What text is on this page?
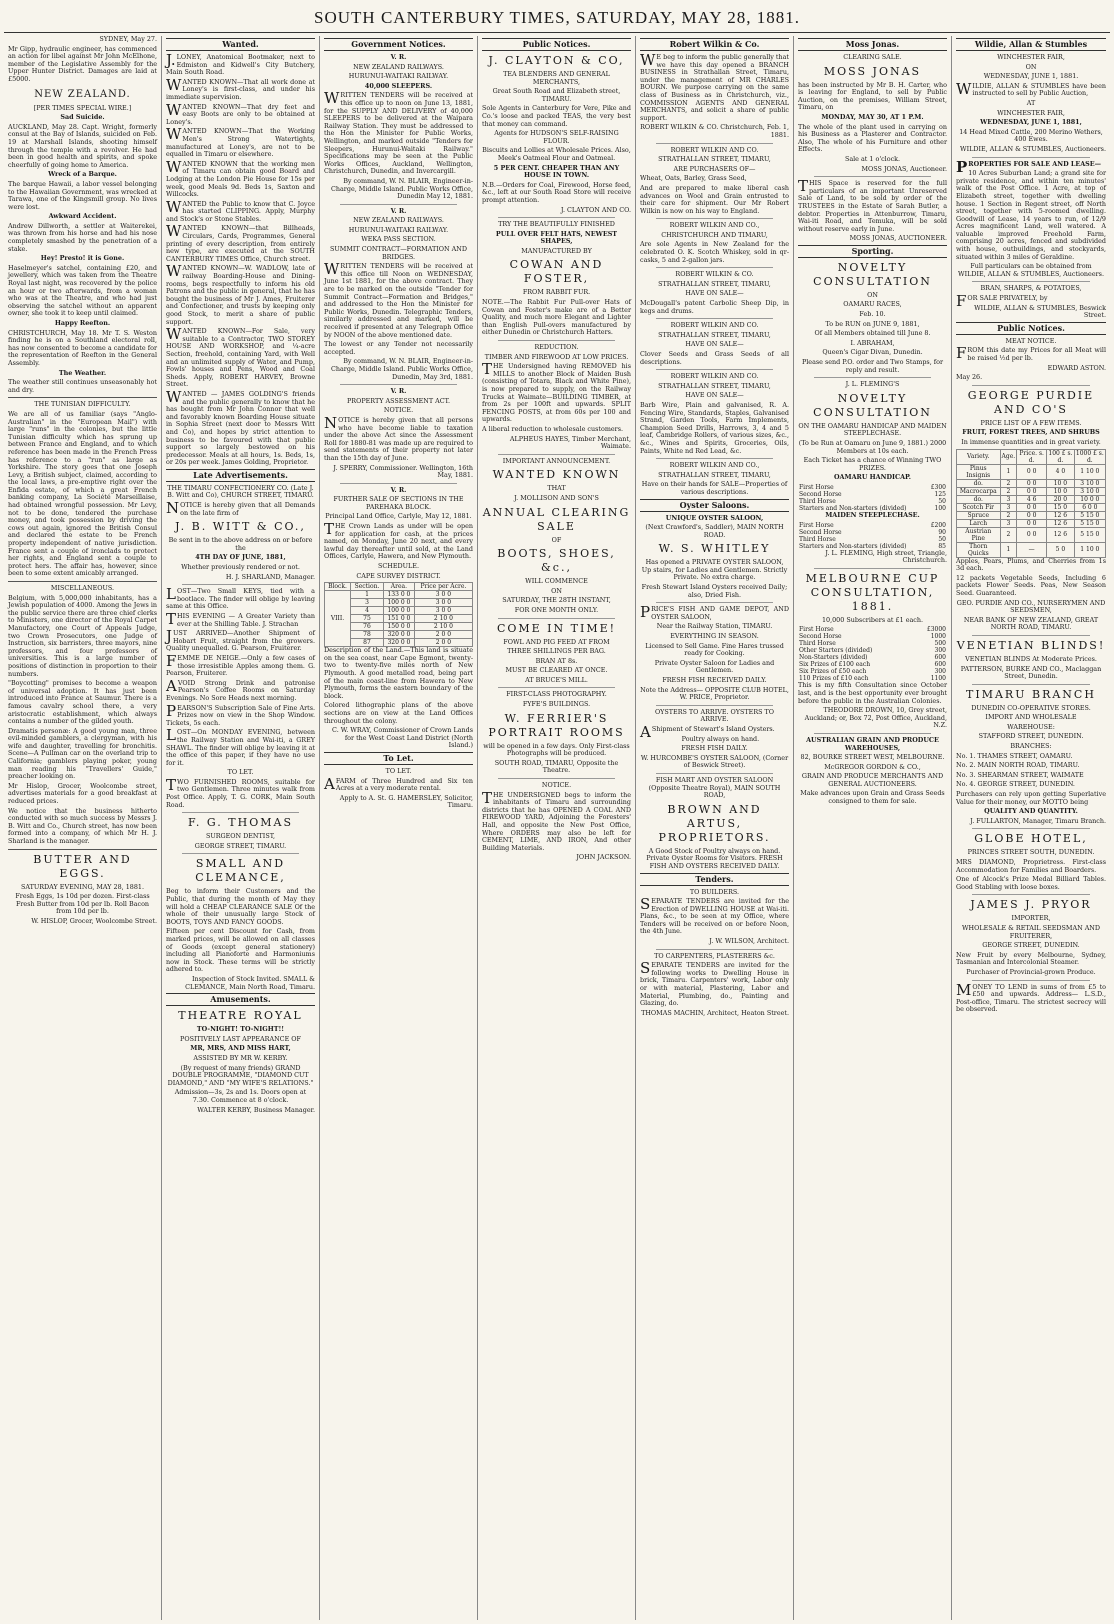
SOUTH CANTERBURY TIMES, SATURDAY, MAY 28, 1881.

SYDNEY, May 27.

Mr Gipp, hydraulic engineer, has commenced an action for libel against Mr John McElhone, member of the Legislative Assembly for the Upper Hunter District. Damages are laid at £5000.

NEW ZEALAND.

[PER TIMES SPECIAL WIRE.]

Sad Suicide.

AUCKLAND, May 28. Capt. Wright, formerly consul at the Bay of Islands, suicided on Feb. 19 at Marshall Islands, shooting himself through the temple with a revolver. He had been in good health and spirits, and spoke cheerfully of going home to America.

Wreck of a Barque.

The barque Hawaii, a labor vessel belonging to the Hawaiian Government, was wrecked at Tarawa, one of the Kingsmill group. No lives were lost.

Awkward Accident.

Andrew Dillworth, a settler at Waiterekei, was thrown from his horse and had his nose completely smashed by the penetration of a stake.

Hey! Presto! it is Gone.

Haselmeyer's satchel, containing £20, and jewellery, which was taken from the Theatre Royal last night, was recovered by the police an hour or two afterwards, from a woman who was at the Theatre, and who had just observing the satchel without an apparent owner, she took it to keep until claimed.

Happy Reefton.

CHRISTCHURCH, May 18. Mr T. S. Weston finding he is on a Southland electoral roll, has now consented to become a candidate for the representation of Reefton in the General Assembly.

The Weather.

The weather still continues unseasonably hot and dry.

THE TUNISIAN DIFFICULTY.

We are all of us familiar (says "Anglo-Australian" in the "European Mail") with large "runs" in the colonies, but the little Tunisian difficulty which has sprung up between France and England, and to which reference has been made in the French Press has reference to a "run" as large as Yorkshire. The story goes that one Joseph Levy, a British subject, claimed, according to the local laws, a pre-emptive right over the Enfida estate, of which a great French banking company, La Société Marseillaise, had obtained wrongful possession. Mr Levy, not to be done, tendered the purchase money, and took possession by driving the cows out again, ignored the British Consul and declared the estate to be French property independent of native jurisdiction. France sent a couple of ironclads to protect her rights, and England sent a couple to protect hers. The affair has, however, since been to some extent amicably arranged.

MISCELLANEOUS.

Belgium, with 5,000,000 inhabitants, has a Jewish population of 4000. Among the Jews in the public service there are three chief clerks to Ministers, one director of the Royal Carpet Manufactory, one Court of Appeals Judge, two Crown Prosecutors, one Judge of Instruction, six barristers, three mayors, nine professors, and four professors of universities. This is a large number of positions of distinction in proportion to their numbers.

"Boycotting" promises to become a weapon of universal adoption. It has just been introduced into France at Saumur. There is a famous cavalry school there, a very aristocratic establishment, which always contains a number of the gilded youth.

Dramatis personæ: A good young man, three evil-minded gamblers, a clergyman, with his wife and daughter, travelling for bronchitis. Scene—A Pullman car on the overland trip to California; gamblers playing poker, young man reading his "Travellers' Guide," preacher looking on.

Mr Hislop, Grocer, Woolcombe street, advertises materials for a good breakfast at reduced prices.

We notice that the business hitherto conducted with so much success by Messrs J. B. Witt and Co., Church street, has now been formed into a company, of which Mr H. J. Sharland is the manager.

BUTTER AND EGGS.

SATURDAY EVENING, MAY 28, 1881.

Fresh Eggs, 1s 10d per dozen. First-class Fresh Butter from 10d per lb. Roll Bacon from 10d per lb.

W. HISLOP, Grocer, Woolcombe Street.

Wanted.

J.LONEY, Anatomical Bootmaker, next to Edmiston and Kidwell's City Butchery, Main South Road.

WANTED KNOWN—That all work done at Loney's is first-class, and under his immediate supervision.

WANTED KNOWN—That dry feet and easy Boots are only to be obtained at Loney's.

WANTED KNOWN—That the Working Men's Strong Watertights, manufactured at Loney's, are not to be equalled in Timaru or elsewhere.

WANTED KNOWN that the working men of Timaru can obtain good Board and Lodging at the London Pie House for 15s per week, good Meals 9d. Beds 1s, Saxton and Willcocks.

WANTED the Public to know that C. Joyce has started CLIPPING. Apply, Murphy and Stock's or Stone Stables.

WANTED KNOWN—that Billheads, Circulars, Cards, Programmes, General printing of every description, from entirely new type, are executed at the SOUTH CANTERBURY TIMES Office, Church street.

WANTED KNOWN—W. WADLOW, late of railway Boarding-House and Dining-rooms, begs respectfully to inform his old Patrons and the public in general, that he has bought the business of Mr J. Ames, Fruiterer and Confectioner, and trusts by keeping only good Stock, to merit a share of public support.

WANTED KNOWN—For Sale, very suitable to a Contractor, TWO STOREY HOUSE AND WORKSHOP, and ¼-acre Section, freehold, containing Yard, with Well and an unlimited supply of Water, and Pump, Fowls' houses and Pens, Wood and Coal Sheds. Apply, ROBERT HARVEY, Browne Street.

WANTED — JAMES GOLDING'S friends and the public generally to know that he has bought from Mr John Connor that well and favorably known Boarding House situate in Sophia Street (next door to Messrs Witt and Co), and hopes by strict attention to business to be favoured with that public support so largely bestowed on his predecessor. Meals at all hours, 1s. Beds, 1s, or 20s per week. James Golding, Proprietor.

Late Advertisements.

THE TIMARU CONFECTIONERY CO. (Late J. B. Witt and Co), CHURCH STREET, TIMARU.

NOTICE is hereby given that all Demands on the late firm of

J. B. WITT & CO.,

Be sent in to the above address on or before the

4TH DAY OF JUNE, 1881,

Whether previously rendered or not.

H. J. SHARLAND, Manager.

LOST—Two Small KEYS, tied with a bootlace. The finder will oblige by leaving same at this Office.

THIS EVENING — A Greater Variety than ever at the Shilling Table. J. Strachan

JUST ARRIVED—Another Shipment of Hobart Fruit, straight from the growers. Quality unequalled. G. Pearson, Fruiterer.

FEMME DE NEIGE.—Only a few cases of those irresistible Apples among them. G. Pearson, Fruiterer.

AVOID Strong Drink and patronise Pearson's Coffee Rooms on Saturday Evenings. No Sore Heads next morning.

PEARSON'S Subscription Sale of Fine Arts. Prizes now on view in the Shop Window. Tickets, 5s each.

LOST—On MONDAY EVENING, between the Railway Station and Wai-iti, a GREY SHAWL. The finder will oblige by leaving it at the office of this paper, if they have no use for it.

TO LET.

TWO FURNISHED ROOMS, suitable for two Gentlemen. Three minutes walk from Post Office. Apply, T. G. CORK, Main South Road.

F. G. THOMAS

SURGEON DENTIST,

GEORGE STREET, TIMARU.

SMALL AND CLEMANCE,

Beg to inform their Customers and the Public, that during the month of May they will hold a CHEAP CLEARANCE SALE Of the whole of their unusually large Stock of BOOTS, TOYS AND FANCY GOODS.

Fifteen per cent Discount for Cash, from marked prices, will be allowed on all classes of Goods (except general stationery) including all Pianoforte and Harmoniums now in Stock. These terms will be strictly adhered to.

Inspection of Stock Invited. SMALL & CLEMANCE, Main North Road, Timaru.

Amusements.
THEATRE ROYAL

TO-NIGHT! TO-NIGHT!!

POSITIVELY LAST APPEARANCE OF

MR, MRS, AND MISS HART,

ASSISTED BY MR W. KERBY.

(By request of many friends) GRAND DOUBLE PROGRAMME, "DIAMOND CUT DIAMOND," AND "MY WIFE'S RELATIONS."

Admission—3s, 2s and 1s. Doors open at 7.30. Commence at 8 o'clock.

WALTER KERBY, Business Manager.

Government Notices.

V. R.

NEW ZEALAND RAILWAYS.

HURUNUI-WAITAKI RAILWAY.

40,000 SLEEPERS.

WRITTEN TENDERS will be received at this office up to noon on June 13, 1881, for the SUPPLY AND DELIVERY of 40,000 SLEEPERS to be delivered at the Waipara Railway Station. They must be addressed to the Hon the Minister for Public Works, Wellington, and marked outside "Tenders for Sleepers, Hurunui-Waitaki Railway." Specifications may be seen at the Public Works Offices, Auckland, Wellington, Christchurch, Dunedin, and Invercargill.

By command, W. N. BLAIR, Engineer-in-Charge, Middle Island. Public Works Office, Dunedin May 12, 1881.

V. R.

NEW ZEALAND RAILWAYS.

HURUNUI-WAITAKI RAILWAY.

WEKA PASS SECTION.

SUMMIT CONTRACT—FORMATION AND BRIDGES.

WRITTEN TENDERS will be received at this office till Noon on WEDNESDAY, June 1st 1881, for the above contract. They are to be marked on the outside "Tender for Summit Contract—Formation and Bridges," and addressed to the Hon the Minister for Public Works, Dunedin. Telegraphic Tenders, similarly addressed and marked, will be received if presented at any Telegraph Office by NOON of the above mentioned date.

The lowest or any Tender not necessarily accepted.

By command, W. N. BLAIR, Engineer-in-Charge, Middle Island. Public Works Office, Dunedin, May 3rd, 1881.

V. R.

PROPERTY ASSESSMENT ACT.

NOTICE.

NOTICE is hereby given that all persons who have become liable to taxation under the above Act since the Assessment Roll for 1880-81 was made up are required to send statements of their property not later than the 15th day of June.

J. SPERRY, Commissioner. Wellington, 16th May, 1881.

V. R.

FURTHER SALE OF SECTIONS IN THE PAREHAKA BLOCK.

Principal Land Office, Carlyle, May 12, 1881.

THE Crown Lands as under will be open for application for cash, at the prices named, on Monday, June 20 next, and every lawful day thereafter until sold, at the Land Offices, Carlyle, Hawera, and New Plymouth.

SCHEDULE.

CAPE SURVEY DISTRICT.

Block.	Section.	Area.	Price per Acre.
VIII.	1	133 0 0	3 0 0
	3	100 0 0	3 0 0
	4	100 0 0	3 0 0
	75	151 0 0	2 10 0
	76	150 0 0	2 10 0
	78	320 0 0	2 0 0
	87	320 0 0	2 0 0

Description of the Land.—This land is situate on the sea coast, near Cape Egmont, twenty-two to twenty-five miles north of New Plymouth. A good metalled road, being part of the main coast-line from Hawera to New Plymouth, forms the eastern boundary of the block.

Colored lithographic plans of the above sections are on view at the Land Offices throughout the colony.

C. W. WRAY, Commissioner of Crown Lands for the West Coast Land District (North Island.)

To Let.

TO LET.

AFARM of Three Hundred and Six ten Acres at a very moderate rental.

Apply to A. St. G. HAMERSLEY, Solicitor, Timaru.

Public Notices.
J. CLAYTON & CO,

TEA BLENDERS AND GENERAL MERCHANTS,

Great South Road and Elizabeth street, TIMARU.

Sole Agents in Canterbury for Vere, Pike and Co.'s loose and packed TEAS, the very best that money can command.

Agents for HUDSON'S SELF-RAISING FLOUR.

Biscuits and Lollies at Wholesale Prices. Also, Meek's Oatmeal Flour and Oatmeal.

5 PER CENT. CHEAPER THAN ANY HOUSE IN TOWN.

N.B.—Orders for Coal, Firewood, Horse feed, &c., left at our South Road Store will receive prompt attention.

J. CLAYTON AND CO.

TRY THE BEAUTIFULLY FINISHED

PULL OVER FELT HATS, NEWEST SHAPES,

MANUFACTURED BY

COWAN AND FOSTER,

FROM RABBIT FUR.

NOTE.—The Rabbit Fur Pull-over Hats of Cowan and Foster's make are of a Better Quality, and much more Elegant and Lighter than English Pull-overs manufactured by either Dunedin or Christchurch Hatters.

REDUCTION.

TIMBER AND FIREWOOD AT LOW PRICES.

THE Undersigned having REMOVED his MILLS to another Block of Maiden Bush (consisting of Totara, Black and White Pine), is now prepared to supply, on the Railway Trucks at Waimate—BUILDING TIMBER, at from 2s per 100ft and upwards. SPLIT FENCING POSTS, at from 60s per 100 and upwards.

A liberal reduction to wholesale customers.

ALPHEUS HAYES, Timber Merchant, Waimate.

IMPORTANT ANNOUNCEMENT.

WANTED KNOWN

THAT

J. MOLLISON AND SON'S

ANNUAL CLEARING SALE

OF

BOOTS, SHOES, &c.,

WILL COMMENCE

ON

SATURDAY, THE 28TH INSTANT,

FOR ONE MONTH ONLY.

COME IN TIME!

FOWL AND PIG FEED AT FROM

THREE SHILLINGS PER BAG.

BRAN AT 8s.

MUST BE CLEARED AT ONCE.

AT BRUCE'S MILL.

FIRST-CLASS PHOTOGRAPHY.

FYFE'S BUILDINGS.

W. FERRIER'S PORTRAIT ROOMS

will be opened in a few days. Only First-class Photographs will be produced.

SOUTH ROAD, TIMARU, Opposite the Theatre.

NOTICE.

THE UNDERSIGNED begs to inform the inhabitants of Timaru and surrounding districts that he has OPENED A COAL AND FIREWOOD YARD, Adjoining the Foresters' Hall, and opposite the New Post Office, Where ORDERS may also be left for CEMENT, LIME, AND IRON, And other Building Materials.

JOHN JACKSON.

Robert Wilkin & Co.

WE beg to inform the public generally that we have this day opened a BRANCH BUSINESS in Strathallan Street, Timaru, under the management of MR CHARLES BOURN. We purpose carrying on the same class of Business as in Christchurch, viz., COMMISSION AGENTS AND GENERAL MERCHANTS, and solicit a share of public support.

ROBERT WILKIN & CO. Christchurch, Feb. 1, 1881.

ROBERT WILKIN AND CO.

STRATHALLAN STREET, TIMARU,

ARE PURCHASERS OF—

Wheat, Oats, Barley, Grass Seed,

And are prepared to make liberal cash advances on Wool and Grain entrusted to their care for shipment. Our Mr Robert Wilkin is now on his way to England.

ROBERT WILKIN AND CO.,

CHRISTCHURCH AND TIMARU,

Are sole Agents in New Zealand for the celebrated O. K. Scotch Whiskey, sold in qr-casks, 5 and 2-gallon jars.

ROBERT WILKIN & CO.

STRATHALLAN STREET, TIMARU,

HAVE ON SALE—

McDougall's patent Carbolic Sheep Dip, in kegs and drums.

ROBERT WILKIN AND CO.

STRATHALLAN STREET, TIMARU,

HAVE ON SALE—

Clover Seeds and Grass Seeds of all descriptions.

ROBERT WILKIN AND CO.

STRATHALLAN STREET, TIMARU,

HAVE ON SALE—

Barb Wire, Plain and galvanised, R. A. Fencing Wire, Standards, Staples, Galvanised Strand, Garden Tools, Farm Implements, Champion Seed Drills, Harrows, 3, 4 and 5 leaf, Cambridge Rollers, of various sizes, &c., &c., Wines and Spirits, Groceries, Oils, Paints, White nd Red Lead, &c.

ROBERT WILKIN AND CO.,

STRATHALLAN STREET, TIMARU,

Have on their hands for SALE—Properties of various descriptions.

Oyster Saloons.

UNIQUE OYSTER SALOON,

(Next Crawford's, Saddler), MAIN NORTH ROAD.

W. S. WHITLEY

Has opened a PRIVATE OYSTER SALOON, Up stairs, for Ladies and Gentlemen. Strictly Private. No extra charge.

Fresh Stewart Island Oysters received Daily; also, Dried Fish.

PRICE'S FISH AND GAME DEPOT, AND OYSTER SALOON,

Near the Railway Station, TIMARU.

EVERYTHING IN SEASON.

Licensed to Sell Game. Fine Hares trussed ready for Cooking.

Private Oyster Saloon for Ladies and Gentlemen.

FRESH FISH RECEIVED DAILY.

Note the Address— OPPOSITE CLUB HOTEL, W. PRICE, Proprietor.

OYSTERS TO ARRIVE. OYSTERS TO ARRIVE.

AShipment of Stewart's Island Oysters.

Poultry always on hand.

FRESH FISH DAILY.

W. HURCOMBE'S OYSTER SALOON, (Corner of Beswick Street).

FISH MART AND OYSTER SALOON (Opposite Theatre Royal), MAIN SOUTH ROAD,

BROWN AND ARTUS, PROPRIETORS.

A Good Stock of Poultry always on hand. Private Oyster Rooms for Visitors. FRESH FISH AND OYSTERS RECEIVED DAILY.

Tenders.

TO BUILDERS.

SEPARATE TENDERS are invited for the Erection of DWELLING HOUSE at Wai-iti. Plans, &c., to be seen at my Office, where Tenders will be received on or before Noon, the 4th June.

J. W. WILSON, Architect.

TO CARPENTERS, PLASTERERS &c.

SEPARATE TENDERS are invited for the following works to Dwelling House in brick, Timaru. Carpenters' work, Labor only or with material, Plastering, Labor and Material, Plumbing, do., Painting and Glazing, do.

THOMAS MACHIN, Architect, Heaton Street.

Moss Jonas.

CLEARING SALE.

MOSS JONAS

has been instructed by Mr B. H. Carter, who is leaving for England, to sell by Public Auction, on the premises, William Street, Timaru, on

MONDAY, MAY 30, AT 1 P.M.

The whole of the plant used in carrying on his Business as a Plasterer and Contractor. Also, The whole of his Furniture and other Effects.

Sale at 1 o'clock.

MOSS JONAS, Auctioneer.

THIS Space is reserved for the full particulars of an important Unreserved Sale of Land, to be sold by order of the TRUSTEES in the Estate of Sarah Butler, a debtor. Properties in Attenburrow, Timaru, Wai-iti Road, and Temuka, will be sold without reserve early in June.

MOSS JONAS, AUCTIONEER.

Sporting.
NOVELTY CONSULTATION

ON

OAMARU RACES,

Feb. 10.

To be RUN on JUNE 9, 1881,

Of all Members obtained till June 8.

I. ABRAHAM,

Queen's Cigar Divan, Dunedin.

Please send P.O. order and Two Stamps, for reply and result.

J. L. FLEMING'S

NOVELTY CONSULTATION

ON THE OAMARU HANDICAP AND MAIDEN STEEPLECHASE.

(To be Run at Oamaru on June 9, 1881.) 2000 Members at 10s each.

Each Ticket has a chance of Winning TWO PRIZES.

OAMARU HANDICAP.

First Horse	£300
Second Horse	125
Third Horse	50
Starters and Non-starters (divided)	100

MAIDEN STEEPLECHASE.

First Horse	£200
Second Horse	90
Third Horse	50
Starters and Non-starters (divided)	85

J. L. FLEMING, High street, Triangle, Christchurch.

MELBOURNE CUP CONSULTATION, 1881.

10,000 Subscribers at £1 each.

First Horse	£3000
Second Horse	1000
Third Horse	500
Other Starters (divided)	300
Non-Starters (divided)	600
Six Prizes of £100 each	600
Six Prizes of £50 each	300
110 Prizes of £10 each	1100

This is my fifth Consultation since October last, and is the best opportunity ever brought before the public in the Australian Colonies.

THEODORE DROWN, 10, Grey street, Auckland; or, Box 72, Post Office, Auckland, N.Z.

AUSTRALIAN GRAIN AND PRODUCE WAREHOUSES,

82, BOURKE STREET WEST, MELBOURNE.

McGREGOR GORDON & CO.,

GRAIN AND PRODUCE MERCHANTS AND GENERAL AUCTIONEERS.

Make advances upon Grain and Grass Seeds consigned to them for sale.

Wildie, Allan & Stumbles

WINCHESTER FAIR,

ON

WEDNESDAY, JUNE 1, 1881.

WILDIE, ALLAN & STUMBLES have been instructed to sell by Public Auction,

AT

WINCHESTER FAIR,

WEDNESDAY, JUNE 1, 1881,

14 Head Mixed Cattle, 200 Merino Wethers, 400 Ewes.

WILDIE, ALLAN & STUMBLES, Auctioneers.

PROPERTIES FOR SALE AND LEASE—

10 Acres Suburban Land; a grand site for private residence, and within ten minutes' walk of the Post Office. 1 Acre, at top of Elizabeth street, together with dwelling house. 1 Section in Regent street, off North street, together with 5-roomed dwelling. Goodwill of Lease, 14 years to run, of 12/9 Acres magnificent Land, well watered. A valuable improved Freehold Farm, comprising 20 acres, fenced and subdivided with house, outbuildings, and stockyards, situated within 3 miles of Geraldine.

Full particulars can be obtained from WILDIE, ALLAN & STUMBLES, Auctioneers.

BRAN, SHARPS, & POTATOES,

FOR SALE PRIVATELY, by

WILDIE, ALLAN & STUMBLES, Beswick Street.

Public Notices.

MEAT NOTICE.

FROM this date my Prices for all Meat will be raised ½d per lb.

EDWARD ASTON.

May 26.

GEORGE PURDIE AND CO'S

PRICE LIST OF A FEW ITEMS.

FRUIT, FOREST TREES, AND SHRUBS

In immense quantities and in great variety.

Variety.	Age.	Price. s. d.	100 £ s. d.	1000 £ s. d.
Pinus Insignis	1	0 0	4 0	1 10 0
do.	2	0 0	10 0	3 10 0
Macrocarpa	2	0 0	10 0	3 10 0
do.	3	4 6	20 0	10 0 0
Scotch Fir	3	0 0	15 0	6 0 0
Spruce	2	0 0	12 6	5 15 0
Larch	3	0 0	12 6	5 15 0
Austrian Pine	2	0 0	12 6	5 15 0
Thorn Quicks	1	—	5 0	1 10 0

Apples, Pears, Plums, and Cherries from 1s 3d each.

12 packets Vegetable Seeds, Including 6 packets Flower Seeds. Peas, New Season Seed. Guaranteed.

GEO. PURDIE AND CO., NURSERYMEN AND SEEDSMEN,

NEAR BANK OF NEW ZEALAND, GREAT NORTH ROAD, TIMARU.

VENETIAN BLINDS!

VENETIAN BLINDS At Moderate Prices.

PATTERSON, BURKE AND CO., Maclaggan Street, Dunedin.

TIMARU BRANCH

DUNEDIN CO-OPERATIVE STORES.

IMPORT AND WHOLESALE

WAREHOUSE:

STAFFORD STREET, DUNEDIN.

BRANCHES:

No. 1. THAMES STREET, OAMARU.

No. 2. MAIN NORTH ROAD, TIMARU.

No. 3. SHEARMAN STREET, WAIMATE

No. 4. GEORGE STREET, DUNEDIN.

Purchasers can rely upon getting Superlative Value for their money, our MOTTO being

QUALITY AND QUANTITY.

J. FULLARTON, Manager, Timaru Branch.

GLOBE HOTEL,

PRINCES STREET SOUTH, DUNEDIN.

MRS DIAMOND, Proprietress. First-class Accommodation for Families and Boarders.

One of Alcock's Prize Medal Billiard Tables. Good Stabling with loose boxes.

JAMES J. PRYOR

IMPORTER,

WHOLESALE & RETAIL SEEDSMAN AND FRUITERER,

GEORGE STREET, DUNEDIN.

New Fruit by every Melbourne, Sydney, Tasmanian and Intercolonial Steamer.

Purchaser of Provincial-grown Produce.

MONEY TO LEND in sums of from £5 to £50 and upwards. Address— L.S.D., Post-office, Timaru. The strictest secrecy will be observed.
